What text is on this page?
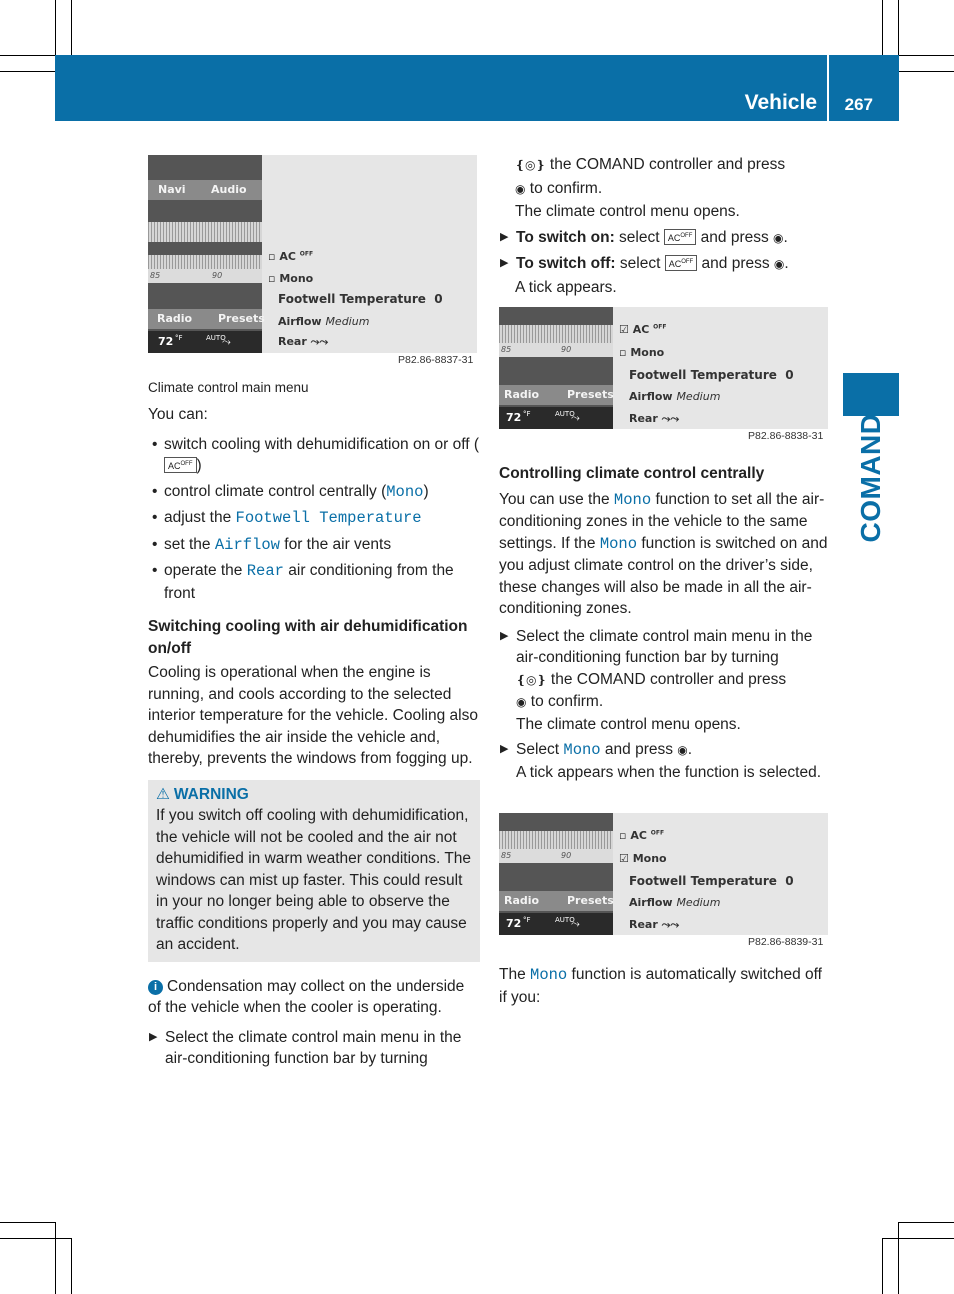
Vehicle 267
COMAND
Navi Audio
85	90
Radio Presets
72 °F	AUTO
⤳
▫ AC $^{OFF}$
▫ Mono
Footwell Temperature 0
Airflow Medium
Rear ⤳⤳
P82.86-8837-31
Climate control main menu

You can:

• switch cooling with dehumidification on or off ($AC^{OFF}$ )

• control climate control centrally (Mono)

• adjust the Footwell Temperature

• set the Airflow for the air vents

• operate the Rear air conditioning from the front

Switching cooling with air dehumidification on/off

Cooling is operational when the engine is running, and cools according to the selected interior temperature for the vehicle. Cooling also dehumidifies the air inside the vehicle and, thereby, prevents the windows from fogging up.

⚠ WARNING

If you switch off cooling with dehumidification, the vehicle will not be cooled and the air not dehumidified in warm weather conditions. The windows can mist up faster. This could result in your no longer being able to observe the traffic conditions properly and you may cause an accident.

i Condensation may collect on the underside of the vehicle when the cooler is operating.

▶ Select the climate control main menu in the air-conditioning function bar by turning

❴◎❵ the COMAND controller and press

◉ to confirm.

The climate control menu opens.

▶ To switch on: select $AC^{OFF}$ and press ◉.

▶ To switch off: select $AC^{OFF}$ and press ◉.

A tick appears.

85	90
Radio	Presets
72 °F	AUTO
⤳
☑ AC $^{OFF}$
▫ Mono
Footwell Temperature 0
Airflow Medium
Rear ⤳⤳
P82.86-8838-31

Controlling climate control centrally

You can use the Mono function to set all the air-conditioning zones in the vehicle to the same settings. If the Mono function is switched on and you adjust climate control on the driver’s side, these changes will also be made in all the air-conditioning zones.

▶ Select the climate control main menu in the air-conditioning function bar by turning
❴◎❵ the COMAND controller and press
◉ to confirm.
The climate control menu opens.

▶ Select Mono and press ◉.
A tick appears when the function is selected.

85	90
Radio	Presets
72 °F	AUTO
⤳
▫ AC $^{OFF}$
☑ Mono
Footwell Temperature 0
Airflow Medium
Rear ⤳⤳
P82.86-8839-31

The Mono function is automatically switched off if you:
